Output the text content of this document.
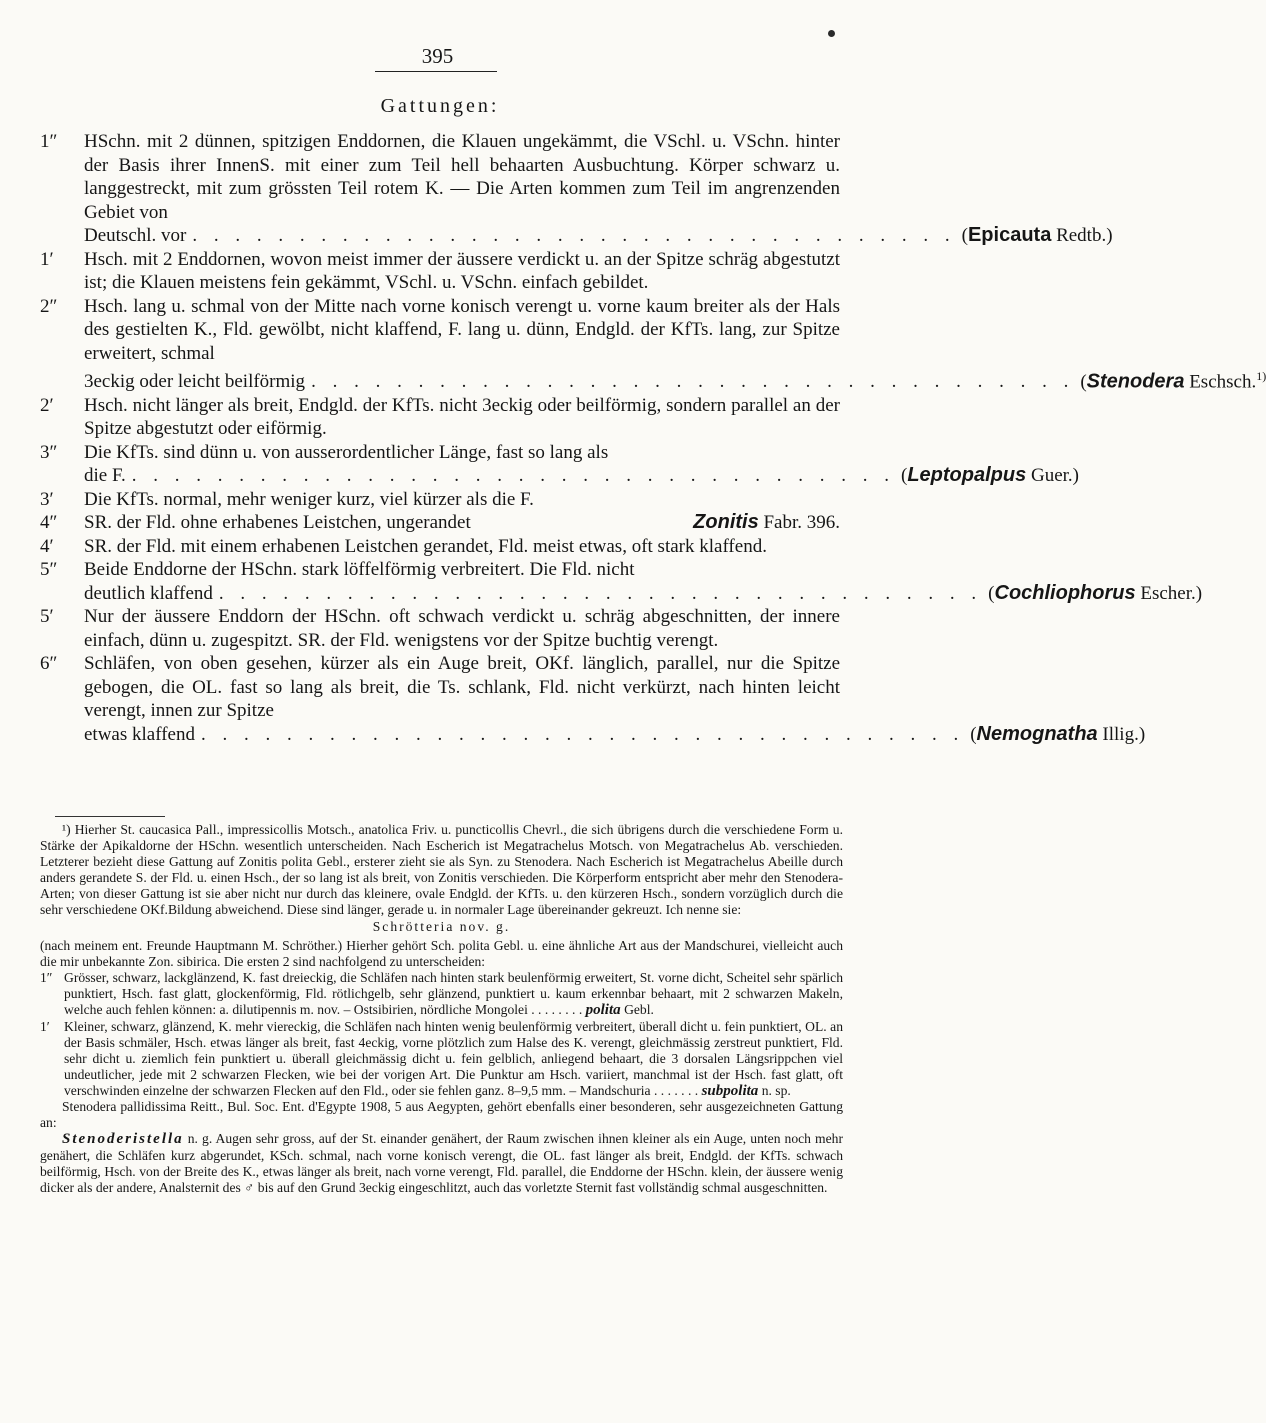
395
Gattungen:
1″	HSchn. mit 2 dünnen, spitzigen Enddornen, die Klauen ungekämmt, die VSchl. u. VSchn. hinter der Basis ihrer InnenS. mit einer zum Teil hell behaarten Ausbuchtung. Körper schwarz u. langgestreckt, mit zum grössten Teil rotem K. — Die Arten kommen zum Teil im angrenzenden Gebiet von
Deutschl. vor . . . . . . . . . . . . . . . . . . . . . . . . . . . . . . . . . . . . (Epicauta Redtb.)
1′	Hsch. mit 2 Enddornen, wovon meist immer der äussere verdickt u. an der Spitze schräg abgestutzt ist; die Klauen meistens fein gekämmt, VSchl. u. VSchn. einfach gebildet.
2″	Hsch. lang u. schmal von der Mitte nach vorne konisch verengt u. vorne kaum breiter als der Hals des gestielten K., Fld. gewölbt, nicht klaffend, F. lang u. dünn, Endgld. der KfTs. lang, zur Spitze erweitert, schmal
3eckig oder leicht beilförmig . . . . . . . . . . . . . . . . . . . . . . . . . . . . . . . . . . . . (Stenodera Eschsch.$^{1)}$
2′	Hsch. nicht länger als breit, Endgld. der KfTs. nicht 3eckig oder beilförmig, sondern parallel an der Spitze abgestutzt oder eiförmig.
3″	Die KfTs. sind dünn u. von ausserordentlicher Länge, fast so lang als
die F. . . . . . . . . . . . . . . . . . . . . . . . . . . . . . . . . . . . . (Leptopalpus Guer.)
3′	Die KfTs. normal, mehr weniger kurz, viel kürzer als die F.
4″	SR. der Fld. ohne erhabenes Leistchen, ungerandet	Zonitis Fabr. 396.
4′	SR. der Fld. mit einem erhabenen Leistchen gerandet, Fld. meist etwas, oft stark klaffend.
5″	Beide Enddorne der HSchn. stark löffelförmig verbreitert. Die Fld. nicht
deutlich klaffend . . . . . . . . . . . . . . . . . . . . . . . . . . . . . . . . . . . . (Cochliophorus Escher.)
5′	Nur der äussere Enddorn der HSchn. oft schwach verdickt u. schräg abgeschnitten, der innere einfach, dünn u. zugespitzt. SR. der Fld. wenigstens vor der Spitze buchtig verengt.
6″	Schläfen, von oben gesehen, kürzer als ein Auge breit, OKf. länglich, parallel, nur die Spitze gebogen, die OL. fast so lang als breit, die Ts. schlank, Fld. nicht verkürzt, nach hinten leicht verengt, innen zur Spitze
etwas klaffend . . . . . . . . . . . . . . . . . . . . . . . . . . . . . . . . . . . . (Nemognatha Illig.)

¹) Hierher St. caucasica Pall., impressicollis Motsch., anatolica Friv. u. puncticollis Chevrl., die sich übrigens durch die verschiedene Form u. Stärke der Apikaldorne der HSchn. wesentlich unterscheiden. Nach Escherich ist Megatrachelus Motsch. von Megatrachelus Ab. verschieden. Letzterer bezieht diese Gattung auf Zonitis polita Gebl., ersterer zieht sie als Syn. zu Stenodera. Nach Escherich ist Megatrachelus Abeille durch anders gerandete S. der Fld. u. einen Hsch., der so lang ist als breit, von Zonitis verschieden. Die Körperform entspricht aber mehr den Stenodera-Arten; von dieser Gattung ist sie aber nicht nur durch das kleinere, ovale Endgld. der KfTs. u. den kürzeren Hsch., sondern vorzüglich durch die sehr verschiedene OKf.Bildung abweichend. Diese sind länger, gerade u. in normaler Lage übereinander gekreuzt. Ich nenne sie:

Schrötteria nov. g.

(nach meinem ent. Freunde Hauptmann M. Schröther.) Hierher gehört Sch. polita Gebl. u. eine ähnliche Art aus der Mandschurei, vielleicht auch die mir unbekannte Zon. sibirica. Die ersten 2 sind nachfolgend zu unterscheiden:

1″ Grösser, schwarz, lackglänzend, K. fast dreieckig, die Schläfen nach hinten stark beulenförmig erweitert, St. vorne dicht, Scheitel sehr spärlich punktiert, Hsch. fast glatt, glockenförmig, Fld. rötlichgelb, sehr glänzend, punktiert u. kaum erkennbar behaart, mit 2 schwarzen Makeln, welche auch fehlen können: a. dilutipennis m. nov. – Ostsibirien, nördliche Mongolei . . . . . . . . polita Gebl.

1′ Kleiner, schwarz, glänzend, K. mehr viereckig, die Schläfen nach hinten wenig beulenförmig verbreitert, überall dicht u. fein punktiert, OL. an der Basis schmäler, Hsch. etwas länger als breit, fast 4eckig, vorne plötzlich zum Halse des K. verengt, gleichmässig zerstreut punktiert, Fld. sehr dicht u. ziemlich fein punktiert u. überall gleichmässig dicht u. fein gelblich, anliegend behaart, die 3 dorsalen Längsrippchen viel undeutlicher, jede mit 2 schwarzen Flecken, wie bei der vorigen Art. Die Punktur am Hsch. variiert, manchmal ist der Hsch. fast glatt, oft verschwinden einzelne der schwarzen Flecken auf den Fld., oder sie fehlen ganz. 8–9,5 mm. – Mandschuria . . . . . . . subpolita n. sp.

Stenodera pallidissima Reitt., Bul. Soc. Ent. d'Egypte 1908, 5 aus Aegypten, gehört ebenfalls einer besonderen, sehr ausgezeichneten Gattung an:

Stenoderistella n. g. Augen sehr gross, auf der St. einander genähert, der Raum zwischen ihnen kleiner als ein Auge, unten noch mehr genähert, die Schläfen kurz abgerundet, KSch. schmal, nach vorne konisch verengt, die OL. fast länger als breit, Endgld. der KfTs. schwach beilförmig, Hsch. von der Breite des K., etwas länger als breit, nach vorne verengt, Fld. parallel, die Enddorne der HSchn. klein, der äussere wenig dicker als der andere, Analsternit des ♂ bis auf den Grund 3eckig eingeschlitzt, auch das vorletzte Sternit fast vollständig schmal ausgeschnitten.
